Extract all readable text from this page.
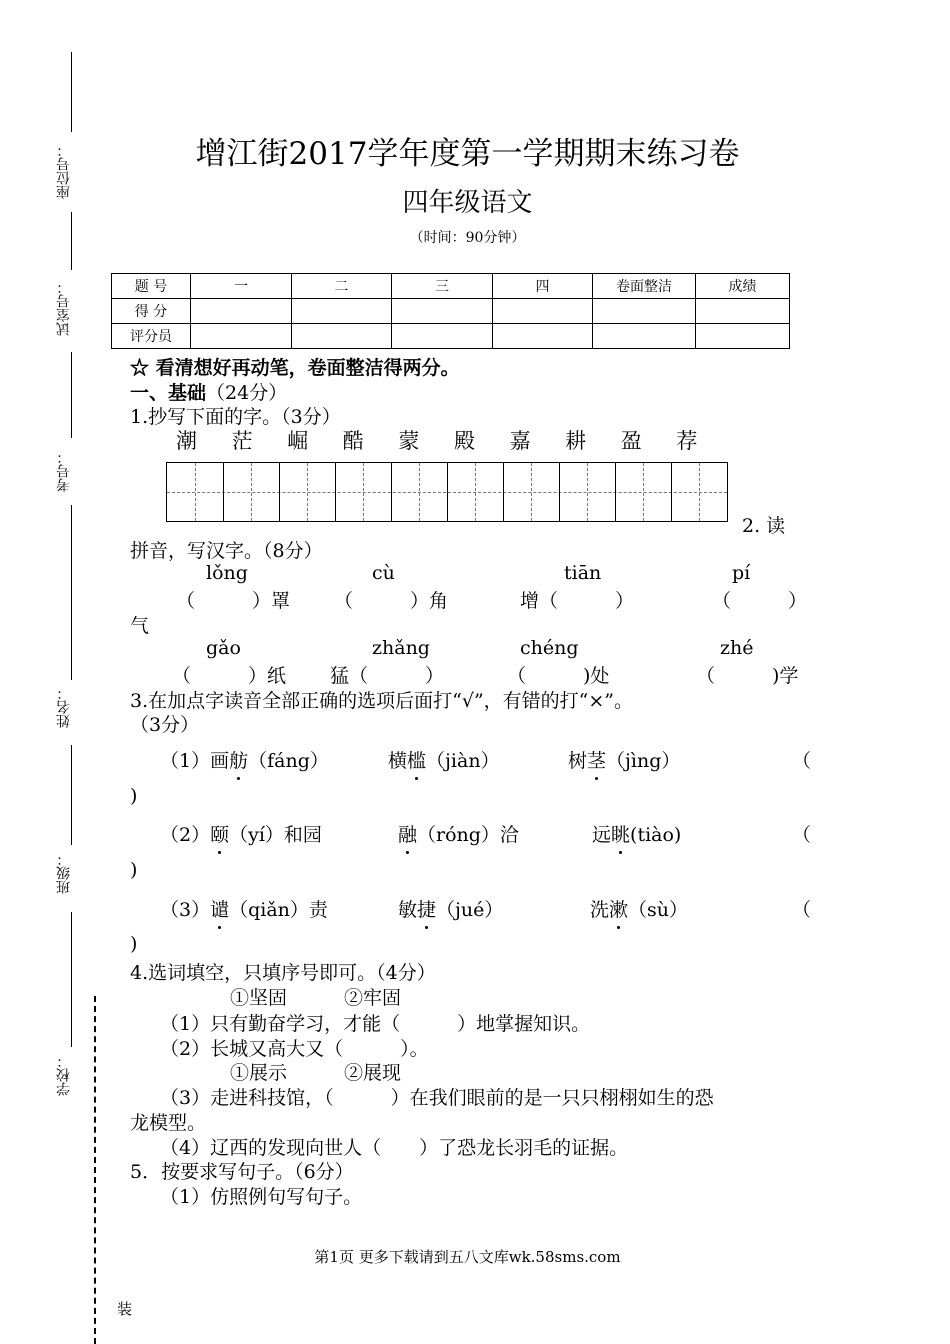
座位号：
试室号：
考号：
姓名：
班级：
学校：
装
增江街2017学年度第一学期期末练习卷
四年级语文
（时间：90分钟）
题 号	一	二	三	四	卷面整洁	成绩
得 分						
评分员						
☆ 看清想好再动笔，卷面整洁得两分。
一、基础（24分）
1.抄写下面的字。（3分）
潮 茫 崛 酷 蒙 殿 嘉 耕 盈 荐
2. 读
拼音，写汉字。（8分）
lǒng	cù	tiān	pí
（　　　）罩 （　　　）角	增（　　　）	（　　　）
气
gǎo	zhǎng	chéng	zhé
（　　　）纸 猛（　　　）	（　　　)处	（　　　)学
3.在加点字读音全部正确的选项后面打“√”，有错的打“×”。
（3分）
（1）画舫（fáng）	横槛（jiàn）	树茎（jìng）	（
)
（2）颐（yí）和园	融（róng）洽	远眺(tiào)	（
)
（3）谴（qiǎn）责	敏捷（jué）	洗漱（sù）	（
)
4.选词填空，只填序号即可。（4分）
①坚固　　　②牢固
（1）只有勤奋学习，才能（　　　）地掌握知识。
（2）长城又高大又（　　　）。
①展示　　　②展现
（3）走进科技馆，（　　　）在我们眼前的是一只只栩栩如生的恐
龙模型。
（4）辽西的发现向世人（　　）了恐龙长羽毛的证据。
5．按要求写句子。（6分）
（1）仿照例句写句子。
第1页 更多下载请到五八文库wk.58sms.com
